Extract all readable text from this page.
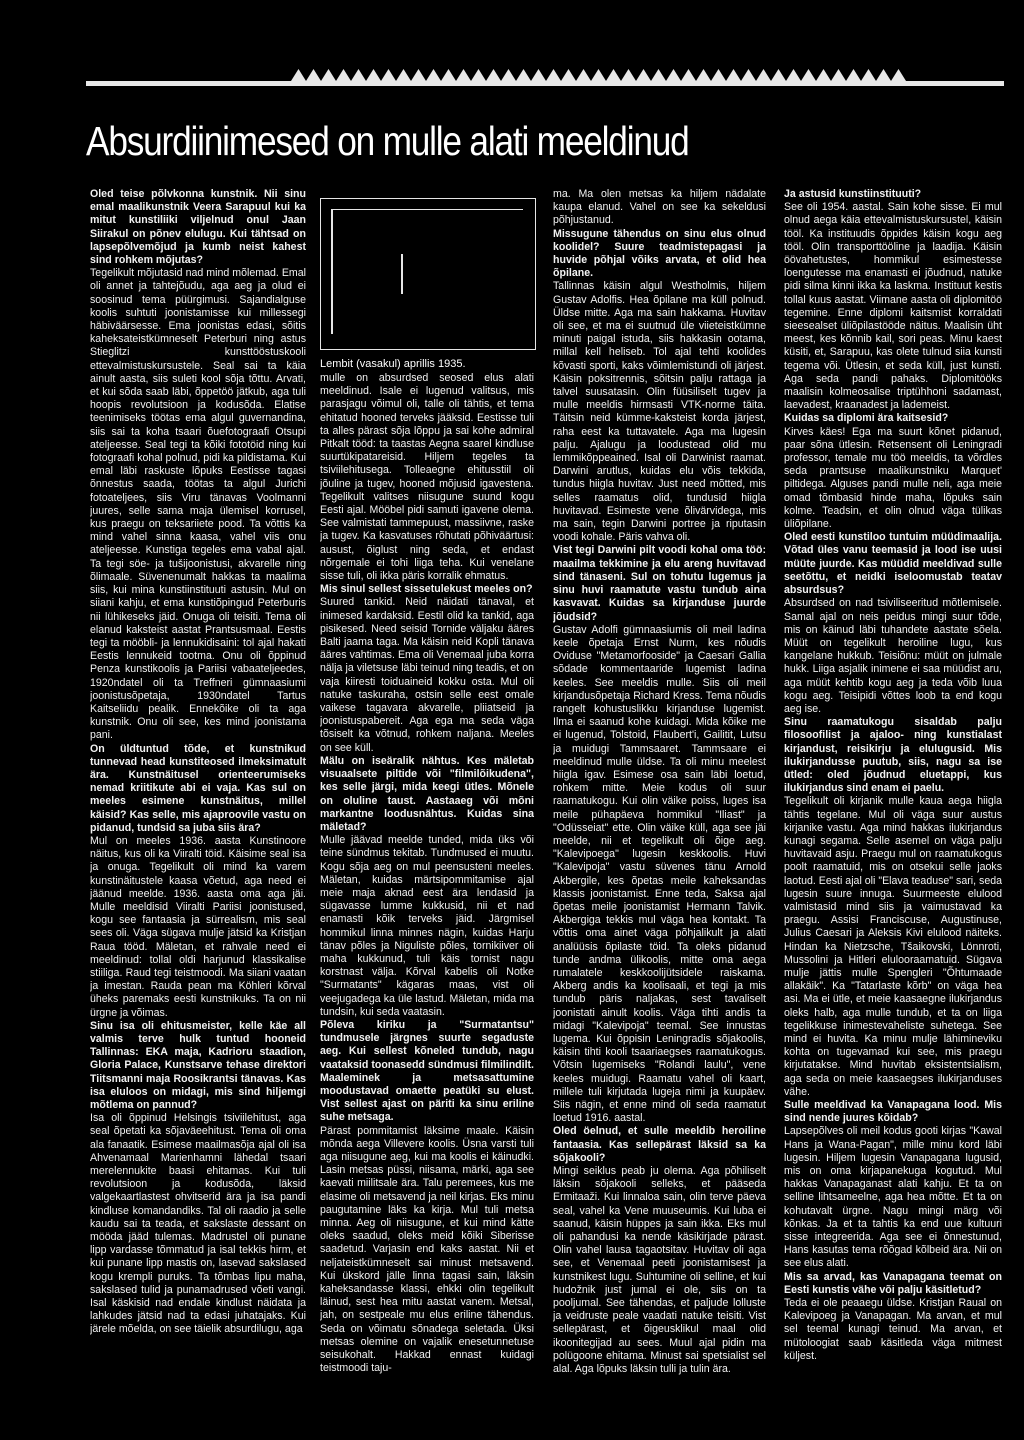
Absurdiinimesed on mulle alati meeldinud

Oled teise põlvkonna kunstnik. Nii sinu emal maalikunstnik Veera Sarapuul kui ka mitut kunstiliiki viljelnud onul Jaan Siirakul on põnev elulugu. Kui tähtsad on lapsepõlvemõjud ja kumb neist kahest sind rohkem mõjutas?

Tegelikult mõjutasid nad mind mõlemad. Emal oli annet ja tahtejõudu, aga aeg ja olud ei soosinud tema püürgimusi. Sajandialguse koolis suhtuti joonistamisse kui millessegi häbiväärsesse. Ema joonistas edasi, sõitis kaheksateistkümneselt Peterburi ning astus Stieglitzi kunsttööstuskooli ettevalmistuskursustele. Seal sai ta käia ainult aasta, siis suleti kool sõja tõttu. Arvati, et kui sõda saab läbi, õppetöö jätkub, aga tuli hoopis revolutsioon ja kodusõda. Elatise teenimiseks töötas ema algul guvernandina, siis sai ta koha tsaari õuefotograafi Otsupi ateljeesse. Seal tegi ta kõiki fototöid ning kui fotograafi kohal polnud, pidi ka pildistama. Kui emal läbi raskuste lõpuks Eestisse tagasi õnnestus saada, töötas ta algul Jurichi fotoateljees, siis Viru tänavas Voolmanni juures, selle sama maja ülemisel korrusel, kus praegu on teksariiete pood. Ta võttis ka mind vahel sinna kaasa, vahel viis onu ateljeesse. Kunstiga tegeles ema vabal ajal. Ta tegi söe- ja tušijoonistusi, akvarelle ning õlimaale. Süvenenumalt hakkas ta maalima siis, kui mina kunstiinstituuti astusin. Mul on siiani kahju, et ema kunstiõpingud Peterburis nii lühikeseks jäid. Onuga oli teisiti. Tema oli elanud kaksteist aastat Prantsusmaal. Eestis tegi ta mööbli- ja lennukidisaini: tol ajal hakati Eestis lennukeid tootma. Onu oli õppinud Penza kunstikoolis ja Pariisi vabaateljeedes, 1920ndatel oli ta Treffneri gümnaasiumi joonistusõpetaja, 1930ndatel Tartus Kaitseliidu pealik. Ennekõike oli ta aga kunstnik. Onu oli see, kes mind joonistama pani.

On üldtuntud tõde, et kunstnikud tunnevad head kunstiteosed ilmeksimatult ära. Kunstnäitusel orienteerumiseks nemad kriitikute abi ei vaja. Kas sul on meeles esimene kunstnäitus, millel käisid? Kas selle, mis ajaproovile vastu on pidanud, tundsid sa juba siis ära?

Mul on meeles 1936. aasta Kunstinoore näitus, kus oli ka Viiralti töid. Käisime seal isa ja onuga. Tegelikult oli mind ka varem kunstinäitustele kaasa võetud, aga need ei jäänud meelde. 1936. aasta oma aga jäi. Mulle meeldisid Viiralti Pariisi joonistused, kogu see fantaasia ja sürrealism, mis seal sees oli. Väga sügava mulje jätsid ka Kristjan Raua tööd. Mäletan, et rahvale need ei meeldinud: tollal oldi harjunud klassikalise stiiliga. Raud tegi teistmoodi. Ma siiani vaatan ja imestan. Rauda pean ma Köhleri kõrval üheks paremaks eesti kunstnikuks. Ta on nii ürgne ja võimas.

Sinu isa oli ehitusmeister, kelle käe all valmis terve hulk tuntud hooneid Tallinnas: EKA maja, Kadrioru staadion, Gloria Palace, Kunstsarve tehase direktori Tiitsmanni maja Roosikrantsi tänavas. Kas isa eluloos on midagi, mis sind hiljemgi mõtlema on pannud?

Isa oli õppinud Helsingis tsiviilehitust, aga seal õpetati ka sõjaväeehitust. Tema oli oma ala fanaatik. Esimese maailmasõja ajal oli isa Ahvenamaal Marienhamni lähedal tsaari merelennukite baasi ehitamas. Kui tuli revolutsioon ja kodusõda, läksid valgekaartlastest ohvitserid ära ja isa pandi kindluse komandandiks. Tal oli raadio ja selle kaudu sai ta teada, et sakslaste dessant on mööda jääd tulemas. Madrustel oli punane lipp vardasse tõmmatud ja isal tekkis hirm, et kui punane lipp mastis on, lasevad sakslased kogu krempli puruks. Ta tõmbas lipu maha, sakslased tulid ja punamadrused võeti vangi. Isal käskisid nad endale kindlust näidata ja lahkudes jätsid nad ta edasi juhatajaks. Kui järele mõelda, on see täielik absurdilugu, aga

Lembit (vasakul) aprillis 1935.

mulle on absurdsed seosed elus alati meeldinud. Isale ei lugenud valitsus, mis parasjagu võimul oli, talle oli tähtis, et tema ehitatud hooned terveks jääksid. Eestisse tuli ta alles pärast sõja lõppu ja sai kohe admiral Pitkalt tööd: ta taastas Aegna saarel kindluse suurtükipatareisid. Hiljem tegeles ta tsiviilehitusega. Tolleaegne ehitusstiil oli jõuline ja tugev, hooned mõjusid igavestena. Tegelikult valitses niisugune suund kogu Eesti ajal. Mööbel pidi samuti igavene olema. See valmistati tammepuust, massiivne, raske ja tugev. Ka kasvatuses rõhutati põhiväärtusi: ausust, õiglust ning seda, et endast nõrgemale ei tohi liiga teha. Kui venelane sisse tuli, oli ikka päris korralik ehmatus.

Mis sinul sellest sissetulekust meeles on?

Suured tankid. Neid näidati tänaval, et inimesed kardaksid. Eestil olid ka tankid, aga pisikesed. Need seisid Tornide väljaku ääres Balti jaama taga. Ma käisin neid Kopli tänava ääres vahtimas. Ema oli Venemaal juba korra nälja ja viletsuse läbi teinud ning teadis, et on vaja kiiresti toiduaineid kokku osta. Mul oli natuke taskuraha, ostsin selle eest omale vaikese tagavara akvarelle, pliiatseid ja joonistuspabereit. Aga ega ma seda väga tõsiselt ka võtnud, rohkem naljana. Meeles on see küll.

Mälu on iseäralik nähtus. Kes mäletab visuaalsete piltide või "filmilõikudena", kes selle järgi, mida keegi ütles. Mõnele on oluline taust. Aastaaeg või mõni markantne loodusnähtus. Kuidas sina mäletad?

Mulle jäävad meelde tunded, mida üks või teine sündmus tekitab. Tundmused ei muutu. Kogu sõja aeg on mul peensusteni meeles. Mäletan, kuidas märtsipommitamise ajal meie maja aknad eest ära lendasid ja sügavasse lumme kukkusid, nii et nad enamasti kõik terveks jäid. Järgmisel hommikul linna minnes nägin, kuidas Harju tänav põles ja Niguliste põles, tornikiiver oli maha kukkunud, tuli käis tornist nagu korstnast välja. Kõrval kabelis oli Notke "Surmatants" kägaras maas, vist oli veejugadega ka üle lastud. Mäletan, mida ma tundsin, kui seda vaatasin.

Põleva kiriku ja "Surmatantsu" tundmusele järgnes suurte segaduste aeg. Kui sellest kõneled tundub, nagu vaataksid toonasedd sündmusi filmilindilt. Maaleminek ja metsasattumine moodustavad omaette peatüki su elust. Vist sellest ajast on päriti ka sinu eriline suhe metsaga.

Pärast pommitamist läksime maale. Käisin mõnda aega Villevere koolis. Üsna varsti tuli aga niisugune aeg, kui ma koolis ei käinudki. Lasin metsas püssi, niisama, märki, aga see kaevati miilitsale ära. Talu peremees, kus me elasime oli metsavend ja neil kirjas. Eks minu paugutamine läks ka kirja. Mul tuli metsa minna. Aeg oli niisugune, et kui mind kätte oleks saadud, oleks meid kõiki Siberisse saadetud. Varjasin end kaks aastat. Nii et neljateistkümneselt sai minust metsavend. Kui ükskord jälle linna tagasi sain, läksin kaheksandasse klassi, ehkki olin tegelikult läinud, sest hea mitu aastat vanem. Metsal, jah, on sestpeale mu elus eriline tähendus. Seda on võimatu sõnadega seletada. Üksi metsas olemine on vajalik enesetunnetuse seisukohalt. Hakkad ennast kuidagi teistmoodi taju-

ma. Ma olen metsas ka hiljem nädalate kaupa elanud. Vahel on see ka sekeldusi põhjustanud.

Missugune tähendus on sinu elus olnud koolidel? Suure teadmistepagasi ja huvide põhjal võiks arvata, et olid hea õpilane.

Tallinnas käisin algul Westholmis, hiljem Gustav Adolfis. Hea õpilane ma küll polnud. Üldse mitte. Aga ma sain hakkama. Huvitav oli see, et ma ei suutnud üle viieteistkümne minuti paigal istuda, siis hakkasin ootama, millal kell heliseb. Tol ajal tehti koolides kõvasti sporti, kaks võimlemistundi oli järjest. Käisin poksitrennis, sõitsin palju rattaga ja talvel suusatasin. Olin füüsiliselt tugev ja mulle meeldis hirmsasti VTK-norme täita. Täitsin neid kümme-kaksteist korda järjest, raha eest ka tuttavatele. Aga ma lugesin palju. Ajalugu ja loodustead olid mu lemmikõppeained. Isal oli Darwinist raamat. Darwini arutlus, kuidas elu võis tekkida, tundus hiigla huvitav. Just need mõtted, mis selles raamatus olid, tundusid hiigla huvitavad. Esimeste vene õlivärvidega, mis ma sain, tegin Darwini portree ja riputasin voodi kohale. Päris vahva oli.

Vist tegi Darwini pilt voodi kohal oma töö: maailma tekkimine ja elu areng huvitavad sind tänaseni. Sul on tohutu lugemus ja sinu huvi raamatute vastu tundub aina kasvavat. Kuidas sa kirjanduse juurde jõudsid?

Gustav Adolfi gümnaasiumis oli meil ladina keele õpetaja Ernst Nurm, kes nõudis Oviduse "Metamorfooside" ja Caesari Gallia sõdade kommentaaride lugemist ladina keeles. See meeldis mulle. Siis oli meil kirjandusõpetaja Richard Kress. Tema nõudis rangelt kohustuslikku kirjanduse lugemist. Ilma ei saanud kohe kuidagi. Mida kõike me ei lugenud, Tolstoid, Flaubert'i, Gailitit, Lutsu ja muidugi Tammsaaret. Tammsaare ei meeldinud mulle üldse. Ta oli minu meelest hiigla igav. Esimese osa sain läbi loetud, rohkem mitte. Meie kodus oli suur raamatukogu. Kui olin väike poiss, luges isa meile pühapäeva hommikul "Iliast" ja "Odüsseiat" ette. Olin väike küll, aga see jäi meelde, nii et tegelikult oli õige aeg. "Kalevipoega" lugesin keskkoolis. Huvi "Kalevipoja" vastu süvenes tänu Arnold Akbergile, kes õpetas meile kaheksandas klassis joonistamist. Enne teda, Saksa ajal õpetas meile joonistamist Hermann Talvik. Akbergiga tekkis mul väga hea kontakt. Ta võttis oma ainet väga põhjalikult ja alati analüüsis õpilaste töid. Ta oleks pidanud tunde andma ülikoolis, mitte oma aega rumalatele keskkoolijütsidele raiskama. Akberg andis ka koolisaali, et tegi ja mis tundub päris naljakas, sest tavaliselt joonistati ainult koolis. Väga tihti andis ta midagi "Kalevipoja" teemal. See innustas lugema. Kui õppisin Leningradis sõjakoolis, käisin tihti kooli tsaariaegses raamatukogus. Võtsin lugemiseks "Rolandi laulu", vene keeles muidugi. Raamatu vahel oli kaart, millele tuli kirjutada lugeja nimi ja kuupäev. Siis nägin, et enne mind oli seda raamatut loetud 1916. aastal.

Oled öelnud, et sulle meeldib heroiline fantaasia. Kas sellepärast läksid sa ka sõjakooli?

Mingi seiklus peab ju olema. Aga põhiliselt läksin sõjakooli selleks, et pääseda Ermitaaži. Kui linnaloa sain, olin terve päeva seal, vahel ka Vene muuseumis. Kui luba ei saanud, käisin hüppes ja sain ikka. Eks mul oli pahandusi ka nende käsikirjade pärast. Olin vahel lausa tagaotsitav. Huvitav oli aga see, et Venemaal peeti joonistamisest ja kunstnikest lugu. Suhtumine oli selline, et kui hudožnik just jumal ei ole, siis on ta pooljumal. See tähendas, et paljude lolluste ja veidruste peale vaadati natuke teisiti. Vist sellepärast, et õigeusklikul maal olid ikoonitegijad au sees. Muul ajal pidin ma polügoone ehitama. Minust sai spetsialist sel alal. Aga lõpuks läksin tulli ja tulin ära.

Ja astusid kunstiinstituuti?

See oli 1954. aastal. Sain kohe sisse. Ei mul olnud aega käia ettevalmistuskursustel, käisin tööl. Ka instituudis õppides käisin kogu aeg tööl. Olin transporttööline ja laadija. Käisin öövahetustes, hommikul esimestesse loengutesse ma enamasti ei jõudnud, natuke pidi silma kinni ikka ka laskma. Instituut kestis tollal kuus aastat. Viimane aasta oli diplomitöö tegemine. Enne diplomi kaitsmist korraldati sieesealset üliõpilastööde näitus. Maalisin üht meest, kes kõnnib kail, sori peas. Minu kaest küsiti, et, Sarapuu, kas olete tulnud siia kunsti tegema või. Ütlesin, et seda küll, just kunsti. Aga seda pandi pahaks. Diplomitööks maalisin kolmeosalise triptühhoni sadamast, laevadest, kraanadest ja lademeist.

Kuidas sa diplomi ära kaitsesid?

Kirves käes! Ega ma suurt kõnet pidanud, paar sõna ütlesin. Retsensent oli Leningradi professor, temale mu töö meeldis, ta võrdles seda prantsuse maalikunstniku Marquet' piltidega. Alguses pandi mulle neli, aga meie omad tõmbasid hinde maha, lõpuks sain kolme. Teadsin, et olin olnud väga tülikas üliõpilane.

Oled eesti kunstiloo tuntuim müüdimaalija. Võtad üles vanu teemasid ja lood ise uusi müüte juurde. Kas müüdid meeldivad sulle seetõttu, et neidki iseloomustab teatav absurdsus?

Absurdsed on nad tsiviliseeritud mõtlemisele. Samal ajal on neis peidus mingi suur tõde, mis on käinud läbi tuhandete aastate sõela. Müüt on tegelikult heroiline lugu, kus kangelane hukkub. Teisiõnu: müüt on julmale hukk. Liiga asjalik inimene ei saa müüdist aru, aga müüt kehtib kogu aeg ja teda võib luua kogu aeg. Teisipidi võttes loob ta end kogu aeg ise.

Sinu raamatukogu sisaldab palju filosoofilist ja ajaloo- ning kunstialast kirjandust, reisikirju ja elulugusid. Mis ilukirjandusse puutub, siis, nagu sa ise ütled: oled jõudnud eluetappi, kus ilukirjandus sind enam ei paelu.

Tegelikult oli kirjanik mulle kaua aega hiigla tähtis tegelane. Mul oli väga suur austus kirjanike vastu. Aga mind hakkas ilukirjandus kunagi segama. Selle asemel on väga palju huvitavaid asju. Praegu mul on raamatukogus poolt raamatuid, mis on otsekui selle jaoks laotud. Eesti ajal oli "Elava teaduse" sari, seda lugesin suure innuga. Suurmeeste elulood valmistasid mind siis ja vaimustavad ka praegu. Assisi Franciscuse, Augustinuse, Julius Caesari ja Aleksis Kivi elulood näiteks. Hindan ka Nietzsche, Tšaikovski, Lönnroti, Mussolini ja Hitleri elulooraamatuid. Sügava mulje jättis mulle Spengleri "Õhtumaade allakäik". Ka "Tatarlaste kõrb" on väga hea asi. Ma ei ütle, et meie kaasaegne ilukirjandus oleks halb, aga mulle tundub, et ta on liiga tegelikkuse inimestevaheliste suhetega. See mind ei huvita. Ka minu mulje lähimineviku kohta on tugevamad kui see, mis praegu kirjutatakse. Mind huvitab eksistentsialism, aga seda on meie kaasaegses ilukirjanduses vähe.

Sulle meeldivad ka Vanapagana lood. Mis sind nende juures kõidab?

Lapsepõlves oli meil kodus gooti kirjas "Kawal Hans ja Wana-Pagan", mille minu kord läbi lugesin. Hiljem lugesin Vanapagana lugusid, mis on oma kirjapanekuga kogutud. Mul hakkas Vanapaganast alati kahju. Et ta on selline lihtsameelne, aga hea mõtte. Et ta on kohutavalt ürgne. Nagu mingi märg või kõnkas. Ja et ta tahtis ka end uue kultuuri sisse integreerida. Aga see ei õnnestunud, Hans kasutas tema rõõgad kõlbeid ära. Nii on see elus alati.

Mis sa arvad, kas Vanapagana teemat on Eesti kunstis vähe või palju käsitletud?

Teda ei ole peaaegu üldse. Kristjan Raual on Kalevipoeg ja Vanapagan. Ma arvan, et mul sel teemal kunagi teinud. Ma arvan, et mütoloogiat saab käsitleda väga mitmest küljest.
